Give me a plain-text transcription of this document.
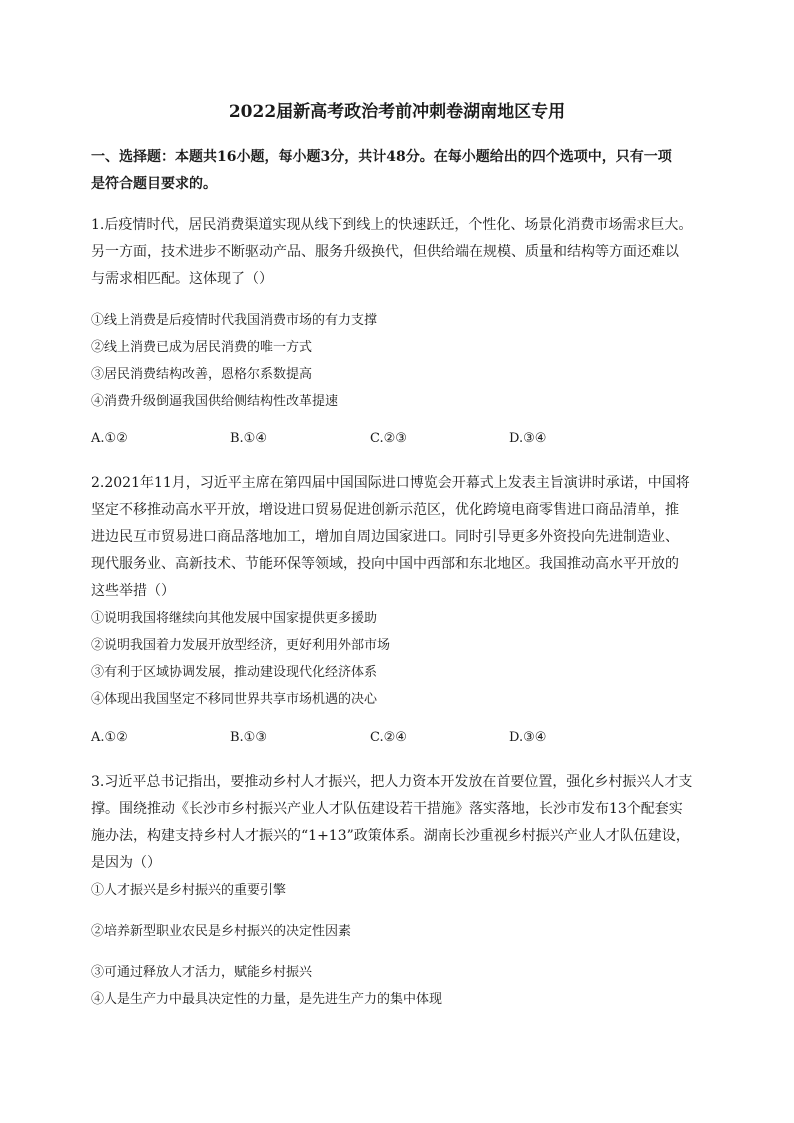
2022届新高考政治考前冲刺卷湖南地区专用
一、选择题：本题共16小题，每小题3分，共计48分。在每小题给出的四个选项中，只有一项
是符合题目要求的。
1.后疫情时代，居民消费渠道实现从线下到线上的快速跃迁，个性化、场景化消费市场需求巨大。
另一方面，技术进步不断驱动产品、服务升级换代，但供给端在规模、质量和结构等方面还难以
与需求相匹配。这体现了（）
①线上消费是后疫情时代我国消费市场的有力支撑
②线上消费已成为居民消费的唯一方式
③居民消费结构改善，恩格尔系数提高
④消费升级倒逼我国供给侧结构性改革提速
A.①②	B.①④	C.②③	D.③④
2.2021年11月，习近平主席在第四届中国国际进口博览会开幕式上发表主旨演讲时承诺，中国将
坚定不移推动高水平开放，增设进口贸易促进创新示范区，优化跨境电商零售进口商品清单，推
进边民互市贸易进口商品落地加工，增加自周边国家进口。同时引导更多外资投向先进制造业、
现代服务业、高新技术、节能环保等领域，投向中国中西部和东北地区。我国推动高水平开放的
这些举措（）
①说明我国将继续向其他发展中国家提供更多援助
②说明我国着力发展开放型经济，更好利用外部市场
③有利于区域协调发展，推动建设现代化经济体系
④体现出我国坚定不移同世界共享市场机遇的决心
A.①②	B.①③	C.②④	D.③④
3.习近平总书记指出，要推动乡村人才振兴，把人力资本开发放在首要位置，强化乡村振兴人才支
撑。围绕推动《长沙市乡村振兴产业人才队伍建设若干措施》落实落地，长沙市发布13个配套实
施办法，构建支持乡村人才振兴的“1+13”政策体系。湖南长沙重视乡村振兴产业人才队伍建设，
是因为（）
①人才振兴是乡村振兴的重要引擎
②培养新型职业农民是乡村振兴的决定性因素
③可通过释放人才活力，赋能乡村振兴
④人是生产力中最具决定性的力量，是先进生产力的集中体现
